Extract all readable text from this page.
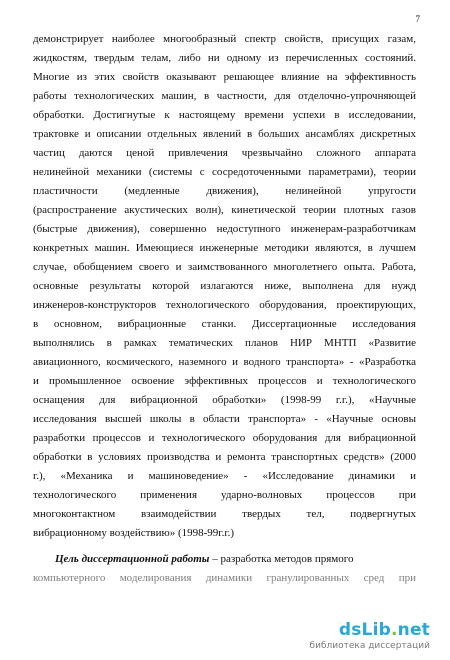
7
демонстрирует наиболее многообразный спектр свойств, присущих газам,
жидкостям, твердым телам, либо ни одному из перечисленных состояний.
Многие из этих свойств оказывают решающее влияние на эффективность
работы технологических машин, в частности, для отделочно-упрочняющей
обработки. Достигнутые к настоящему времени успехи в исследовании,
трактовке и описании отдельных явлений в больших ансамблях дискретных
частиц даются ценой привлечения чрезвычайно сложного аппарата
нелинейной механики (системы с сосредоточенными параметрами), теории
пластичности (медленные движения), нелинейной упругости
(распространение акустических волн), кинетической теории плотных газов
(быстрые движения), совершенно недоступного инженерам-разработчикам
конкретных машин. Имеющиеся инженерные методики являются, в лучшем
случае, обобщением своего и заимствованного многолетнего опыта. Работа,
основные результаты которой излагаются ниже, выполнена для нужд
инженеров-конструкторов технологического оборудования, проектирующих,
в основном, вибрационные станки. Диссертационные исследования
выполнялись в рамках тематических планов НИР МНТП «Развитие
авиационного, космического, наземного и водного транспорта» - «Разработка
и промышленное освоение эффективных процессов и технологического
оснащения для вибрационной обработки» (1998-99 г.г.), «Научные
исследования высшей школы в области транспорта» - «Научные основы
разработки процессов и технологического оборудования для вибрационной
обработки в условиях производства и ремонта транспортных средств» (2000
г.), «Механика и машиноведение» - «Исследование динамики и
технологического применения ударно-волновых процессов при
многоконтактном взаимодействии твердых тел, подвергнутых
вибрационному воздействию» (1998-99г.г.)
Цель диссертационной работы – разработка методов прямого
компьютерного моделирования динамики гранулированных сред при
dsLib.net
библиотека диссертаций
